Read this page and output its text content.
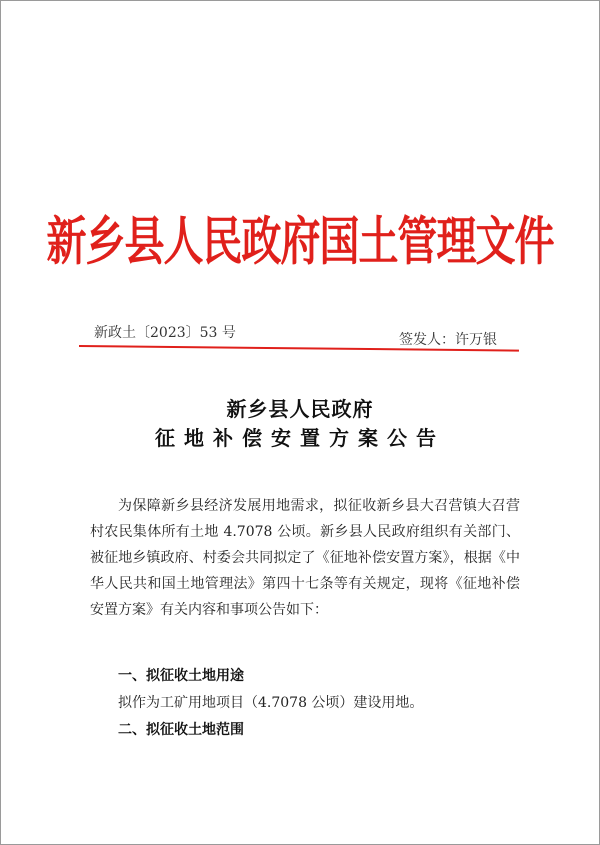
新乡县人民政府国土管理文件
新政土〔2023〕53 号	签发人：许万银
新乡县人民政府
征地补偿安置方案公告

为保障新乡县经济发展用地需求，拟征收新乡县大召营镇大召营村农民集体所有土地 4.7078 公顷。新乡县人民政府组织有关部门、被征地乡镇政府、村委会共同拟定了《征地补偿安置方案》，根据《中华人民共和国土地管理法》第四十七条等有关规定，现将《征地补偿安置方案》有关内容和事项公告如下：

一、拟征收土地用途
拟作为工矿用地项目（4.7078 公顷）建设用地。
二、拟征收土地范围
